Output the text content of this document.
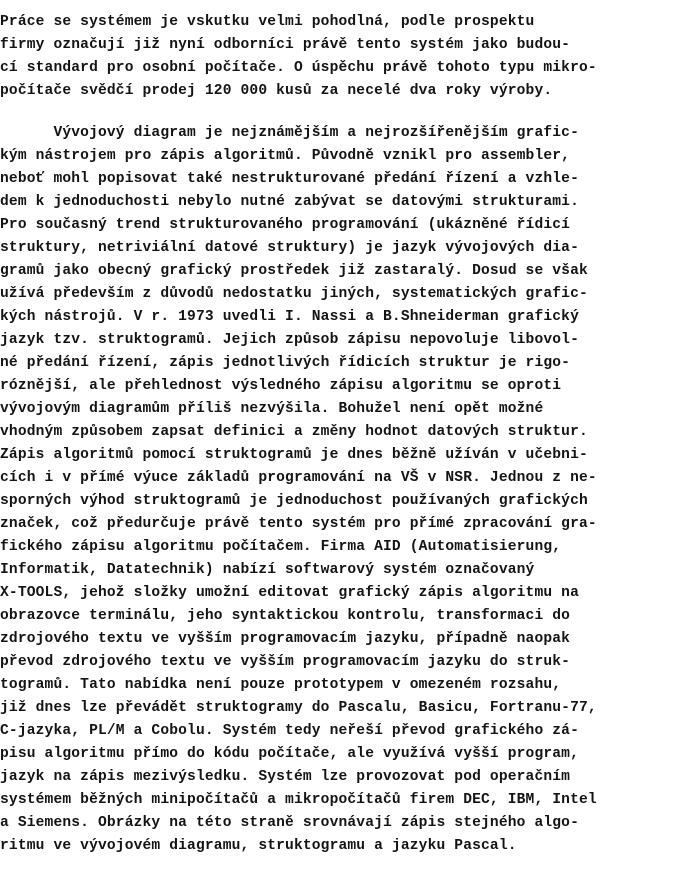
Práce se systémem je vskutku velmi pohodlná, podle prospektu
firmy označují již nyní odborníci právě tento systém jako budou-
cí standard pro osobní počítače. O úspěchu právě tohoto typu mikro-
počítače svědčí prodej 120 000 kusů za necelé dva roky výroby.

Vývojový diagram je nejznámějším a nejrozšířenějším grafic-
kým nástrojem pro zápis algoritmů. Původně vznikl pro assembler,
neboť mohl popisovat také nestrukturované předání řízení a vzhle-
dem k jednoduchosti nebylo nutné zabývat se datovými strukturami.
Pro současný trend strukturovaného programování (ukázněné řídicí
struktury, netriviální datové struktury) je jazyk vývojových dia-
gramů jako obecný grafický prostředek již zastaralý. Dosud se však
užívá především z důvodů nedostatku jiných, systematických grafic-
kých nástrojů. V r. 1973 uvedli I. Nassi a B.Shneiderman grafický
jazyk tzv. struktogramů. Jejich způsob zápisu nepovoluje libovol-
né předání řízení, zápis jednotlivých řídicích struktur je rigo-
róznější, ale přehlednost výsledného zápisu algoritmu se oproti
vývojovým diagramům příliš nezvýšila. Bohužel není opět možné
vhodným způsobem zapsat definici a změny hodnot datových struktur.
Zápis algoritmů pomocí struktogramů je dnes běžně užíván v učebni-
cích i v přímé výuce základů programování na VŠ v NSR. Jednou z ne-
sporných výhod struktogramů je jednoduchost používaných grafických
značek, což předurčuje právě tento systém pro přímé zpracování gra-
fického zápisu algoritmu počítačem. Firma AID (Automatisierung,
Informatik, Datatechnik) nabízí softwarový systém označovaný
X-TOOLS, jehož složky umožní editovat grafický zápis algoritmu na
obrazovce terminálu, jeho syntaktickou kontrolu, transformaci do
zdrojového textu ve vyšším programovacím jazyku, případně naopak
převod zdrojového textu ve vyšším programovacím jazyku do struk-
togramů. Tato nabídka není pouze prototypem v omezeném rozsahu,
již dnes lze převádět struktogramy do Pascalu, Basicu, Fortranu-77,
C-jazyka, PL/M a Cobolu. Systém tedy neřeší převod grafického zá-
pisu algoritmu přímo do kódu počítače, ale využívá vyšší program,
jazyk na zápis mezivýsledku. Systém lze provozovat pod operačním
systémem běžných minipočítačů a mikropočítačů firem DEC, IBM, Intel
a Siemens. Obrázky na této straně srovnávají zápis stejného algo-
ritmu ve vývojovém diagramu, struktogramu a jazyku Pascal.
